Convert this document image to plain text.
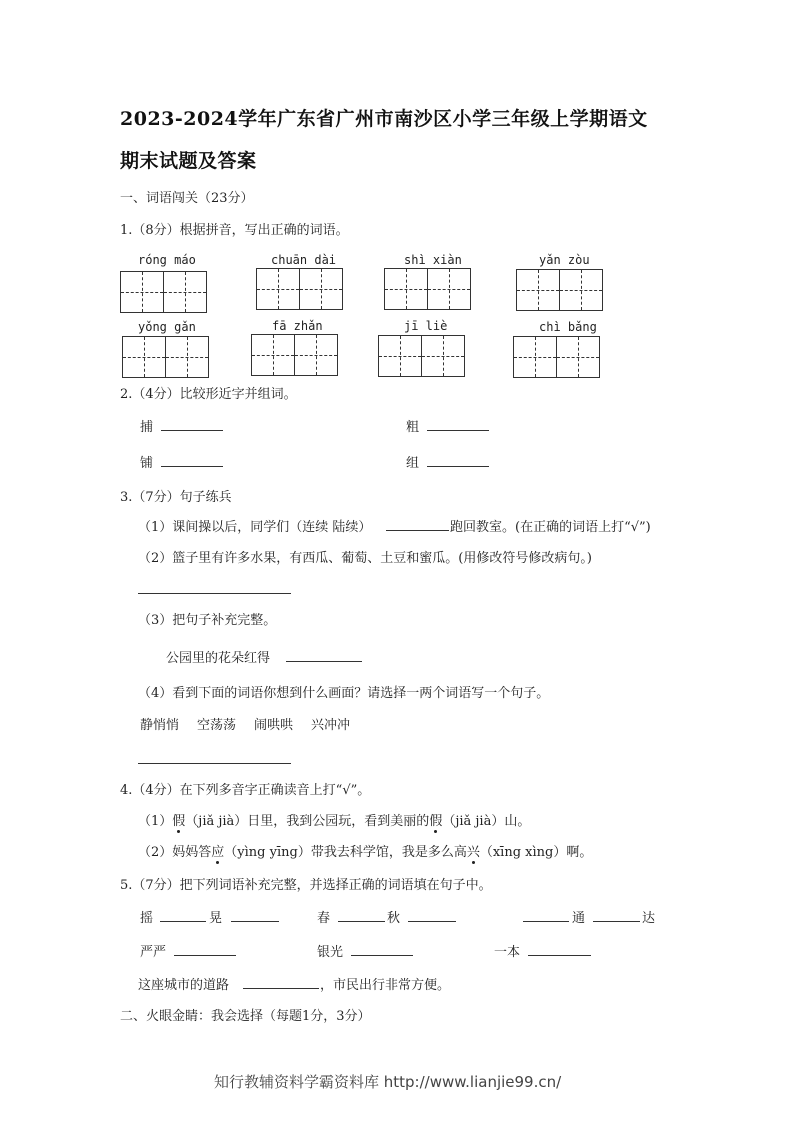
2023-2024学年广东省广州市南沙区小学三年级上学期语文
期末试题及答案
一、词语闯关（23分）
1.（8分）根据拼音，写出正确的词语。
róng máo	chuān dài	shì xiàn	yǎn zòu
yǒng gǎn	fā zhǎn	jī liè	chì bǎng
2.（4分）比较形近字并组词。
捕	粗
铺	组
3.（7分）句子练兵
（1）课间操以后，同学们（连续 陆续）	跑回教室。(在正确的词语上打“√”)
（2）篮子里有许多水果，有西瓜、葡萄、土豆和蜜瓜。(用修改符号修改病句。)
（3）把句子补充完整。
公园里的花朵红得
（4）看到下面的词语你想到什么画面？请选择一两个词语写一个句子。
静悄悄 空荡荡 闹哄哄 兴冲冲
4.（4分）在下列多音字正确读音上打“√”。
（1）假（jiǎ jià）日里，我到公园玩，看到美丽的假（jiǎ jià）山。
（2）妈妈答应（yìng yīng）带我去科学馆，我是多么高兴（xīng xìng）啊。
5.（7分）把下列词语补充完整，并选择正确的词语填在句子中。
摇	晃	春	秋	通	达
严严	银光	一本
这座城市的道路	，市民出行非常方便。
二、火眼金睛：我会选择（每题1分，3分）
知行教辅资料学霸资料库 http://www.lianjie99.cn/
